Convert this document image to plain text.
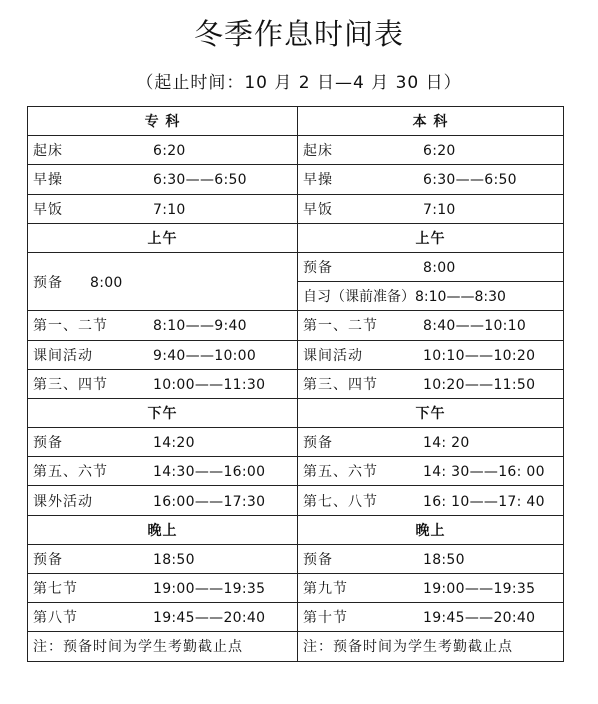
冬季作息时间表
（起止时间：10 月 2 日—4 月 30 日）
专 科	本 科
起床 6:20	起床 6:20
早操 6:30——6:50	早操 6:30——6:50
早饭 7:10	早饭 7:10
上午	上午
预备 8:00	预备 8:00
	自习（课前准备）8:10——8:30
第一、二节 8:10——9:40	第一、二节 8:40——10:10
课间活动 9:40——10:00	课间活动 10:10——10:20
第三、四节 10:00——11:30	第三、四节 10:20——11:50
下午	下午
预备 14:20	预备 14: 20
第五、六节 14:30——16:00	第五、六节 14: 30——16: 00
课外活动 16:00——17:30	第七、八节 16: 10——17: 40
晚上	晚上
预备 18:50	预备 18:50
第七节 19:00——19:35	第九节 19:00——19:35
第八节 19:45——20:40	第十节 19:45——20:40
注：预备时间为学生考勤截止点	注：预备时间为学生考勤截止点
